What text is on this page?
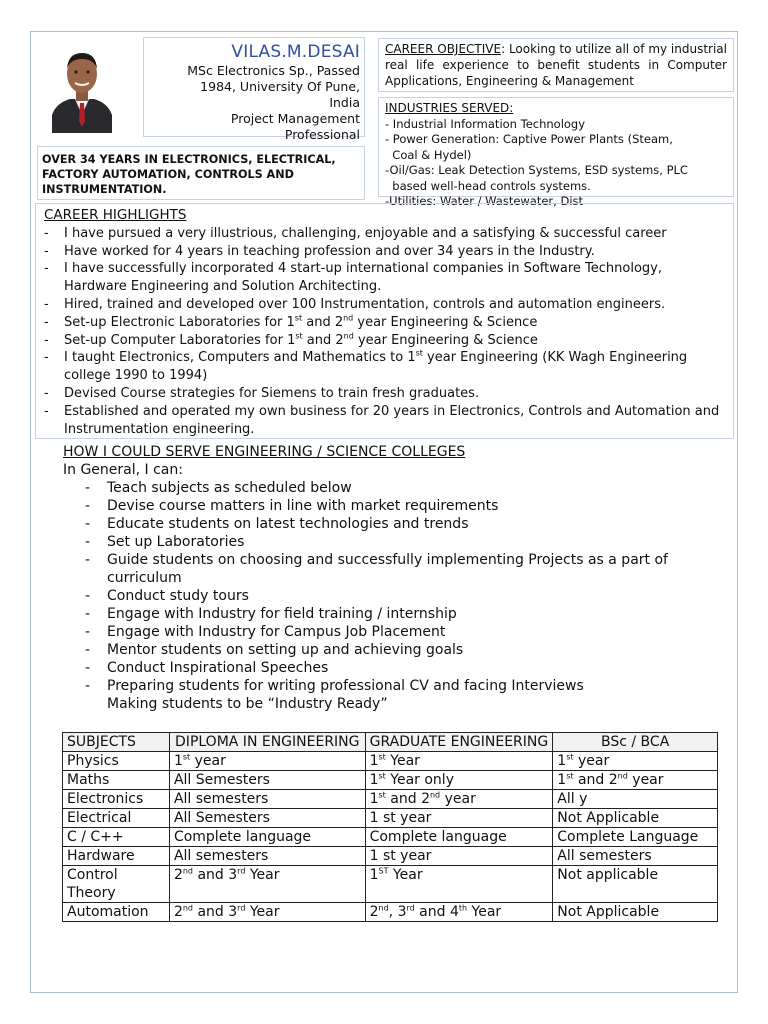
VILAS.M.DESAI
MSc Electronics Sp., Passed
1984, University Of Pune,
India
Project Management
Professional
OVER 34 YEARS IN ELECTRONICS, ELECTRICAL, FACTORY AUTOMATION, CONTROLS AND INSTRUMENTATION.
CAREER OBJECTIVE: Looking to utilize all of my industrial real life experience to benefit students in Computer Applications, Engineering & Management
INDUSTRIES SERVED:
- Industrial Information Technology
- Power Generation: Captive Power Plants (Steam,
Coal & Hydel)
-Oil/Gas: Leak Detection Systems, ESD systems, PLC
based well-head controls systems.
-Utilities: Water / Wastewater, Dist
CAREER HIGHLIGHTS
- I have pursued a very illustrious, challenging, enjoyable and a satisfying & successful career
- Have worked for 4 years in teaching profession and over 34 years in the Industry.
- I have successfully incorporated 4 start-up international companies in Software Technology, Hardware Engineering and Solution Architecting.
- Hired, trained and developed over 100 Instrumentation, controls and automation engineers.
- Set-up Electronic Laboratories for 1st and 2nd year Engineering & Science
- Set-up Computer Laboratories for 1st and 2nd year Engineering & Science
- I taught Electronics, Computers and Mathematics to 1st year Engineering (KK Wagh Engineering college 1990 to 1994)
- Devised Course strategies for Siemens to train fresh graduates.
- Established and operated my own business for 20 years in Electronics, Controls and Automation and Instrumentation engineering.
HOW I COULD SERVE ENGINEERING / SCIENCE COLLEGES
In General, I can:
- Teach subjects as scheduled below
- Devise course matters in line with market requirements
- Educate students on latest technologies and trends
- Set up Laboratories
- Guide students on choosing and successfully implementing Projects as a part of curriculum
- Conduct study tours
- Engage with Industry for field training / internship
- Engage with Industry for Campus Job Placement
- Mentor students on setting up and achieving goals
- Conduct Inspirational Speeches
- Preparing students for writing professional CV and facing Interviews
Making students to be “Industry Ready”
SUBJECTS	DIPLOMA IN ENGINEERING	GRADUATE ENGINEERING	BSc / BCA
Physics	1st year	1st Year	1st year
Maths	All Semesters	1st Year only	1st and 2nd year
Electronics	All semesters	1st and 2nd year	All y
Electrical	All Semesters	1 st year	Not Applicable
C / C++	Complete language	Complete language	Complete Language
Hardware	All semesters	1 st year	All semesters
Control Theory	2nd and 3rd Year	1ST Year	Not applicable
Automation	2nd and 3rd Year	2nd, 3rd and 4th Year	Not Applicable
